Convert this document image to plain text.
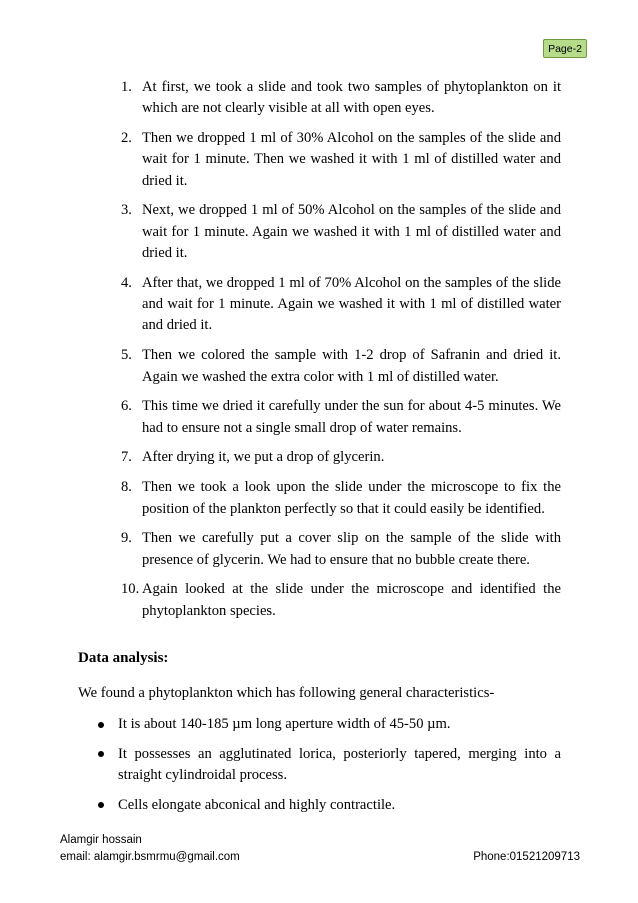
Page-2
1. At first, we took a slide and took two samples of phytoplankton on it which are not clearly visible at all with open eyes.
2. Then we dropped 1 ml of 30% Alcohol on the samples of the slide and wait for 1 minute. Then we washed it with 1 ml of distilled water and dried it.
3. Next, we dropped 1 ml of 50% Alcohol on the samples of the slide and wait for 1 minute. Again we washed it with 1 ml of distilled water and dried it.
4. After that, we dropped 1 ml of 70% Alcohol on the samples of the slide and wait for 1 minute. Again we washed it with 1 ml of distilled water and dried it.
5. Then we colored the sample with 1-2 drop of Safranin and dried it. Again we washed the extra color with 1 ml of distilled water.
6. This time we dried it carefully under the sun for about 4-5 minutes. We had to ensure not a single small drop of water remains.
7. After drying it, we put a drop of glycerin.
8. Then we took a look upon the slide under the microscope to fix the position of the plankton perfectly so that it could easily be identified.
9. Then we carefully put a cover slip on the sample of the slide with presence of glycerin. We had to ensure that no bubble create there.
10. Again looked at the slide under the microscope and identified the phytoplankton species.
Data analysis:
We found a phytoplankton which has following general characteristics-
It is about 140-185 µm long aperture width of 45-50 µm.
It possesses an agglutinated lorica, posteriorly tapered, merging into a straight cylindroidal process.
Cells elongate abconical and highly contractile.
Alamgir hossain
email: alamgir.bsmrmu@gmail.com	Phone:01521209713
